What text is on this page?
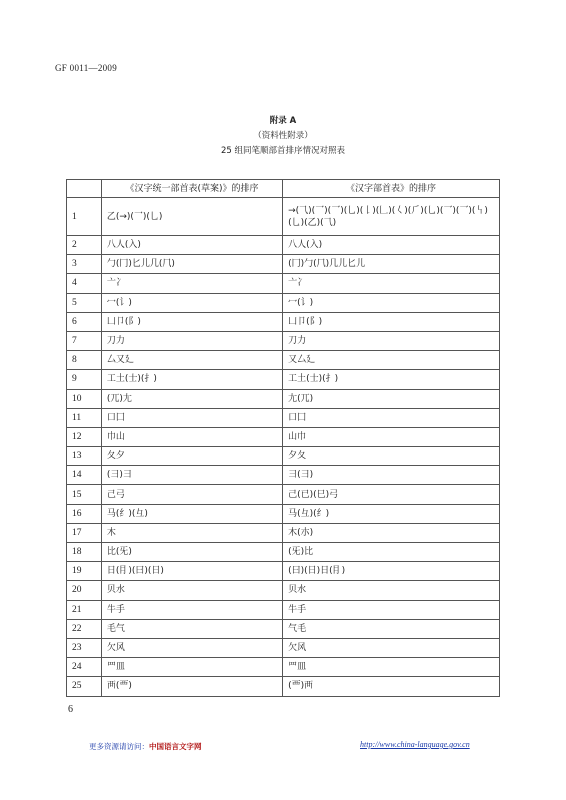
GF 0011—2009
附录 A
（资料性附录）
25 组同笔顺部首排序情况对照表
	《汉字统一部首表(草案)》的排序	《汉字部首表》的排序
1	乙(→)(乛)(乚)	→(⺄)(⺂)(乛)(⺃)(𠄌)(𠃊)(𡿨)(⺁)(乚)(乛)(乛)(𠃑)(乚)(乙)(⺄)
2	八人(入)	八人(入)
3	勹(冂)匕儿几(⺇)	(冂)勹(⺇)几儿匕儿
4	亠冫	亠冫
5	冖(讠)	冖(讠)
6	凵卩(阝)	凵卩(阝)
7	刀力	刀力
8	厶又廴	又厶廴
9	工土(士)(扌)	工土(士)(扌)
10	(兀)尢	尢(兀)
11	口囗	口囗
12	巾山	山巾
13	夂夕	夕夂
14	(彐)彐	彐(彐)
15	己弓	己(已)(巳)弓
16	马(纟)(彑)	马(彑)(纟)
17	木	木(朩)
18	比(旡)	(旡)比
19	日(⺝)(曰)(⽇)	(曰)(⽇)日(⺝)
20	贝水	贝水
21	牛手	牛手
22	毛气	气毛
23	欠风	欠风
24	罒皿	罒皿
25	襾(覀)	(覀)襾
6
更多资源请访问：中国语言文字网	http://www.china-language.gov.cn
